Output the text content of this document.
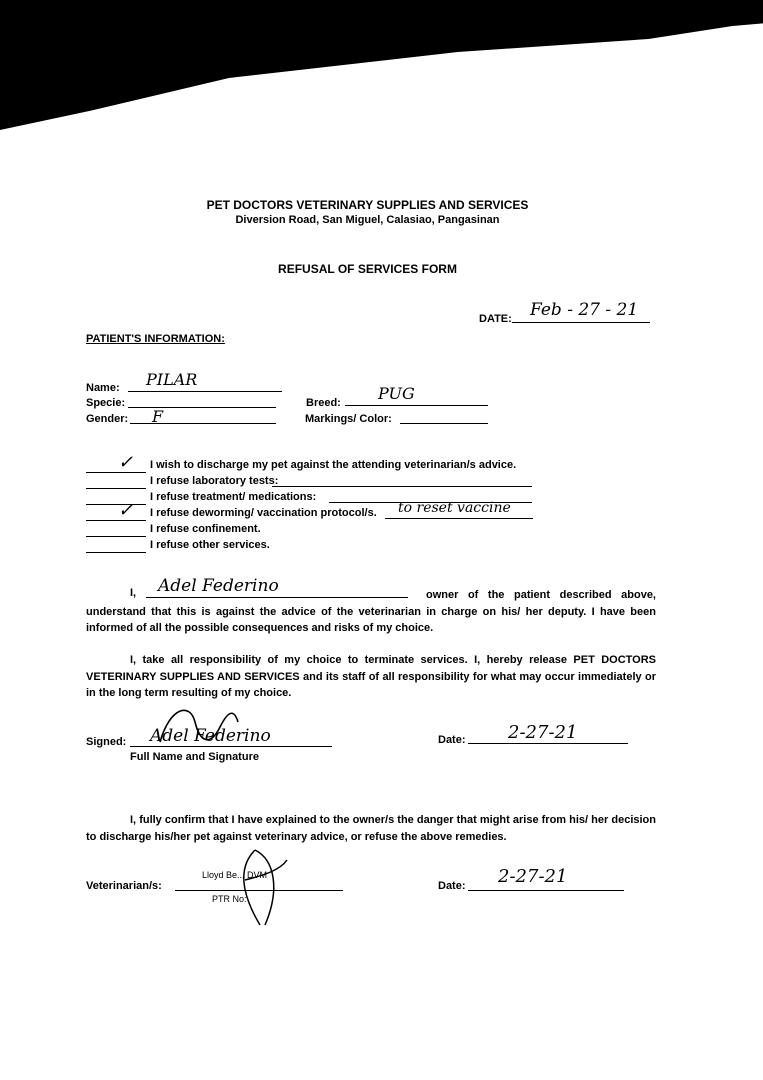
PET DOCTORS VETERINARY SUPPLIES AND SERVICES
Diversion Road, San Miguel, Calasiao, Pangasinan
REFUSAL OF SERVICES FORM
DATE: Feb - 27 - 21
PATIENT'S INFORMATION:
Name: PILAR
Specie:
Gender: F
Breed: PUG
Markings/ Color:
✓ I wish to discharge my pet against the attending veterinarian/s advice.
I refuse laboratory tests:
I refuse treatment/ medications:
✓ I refuse deworming/ vaccination protocol/s. to reset vaccine
I refuse confinement.
I refuse other services.
I, Adel Federino	owner of the patient described above, understand that this is against the advice of the veterinarian in charge on his/ her deputy. I have been informed of all the possible consequences and risks of my choice.
I, take all responsibility of my choice to terminate services. I, hereby release PET DOCTORS VETERINARY SUPPLIES AND SERVICES and its staff of all responsibility for what may occur immediately or in the long term resulting of my choice.
Signed: Adel Federino
Full Name and Signature
Date: 2-27-21
I, fully confirm that I have explained to the owner/s the danger that might arise from his/ her decision to discharge his/her pet against veterinary advice, or refuse the above remedies.
Veterinarian/s:
Lloyd Be... DVM
PTR No:
Date: 2-27-21
